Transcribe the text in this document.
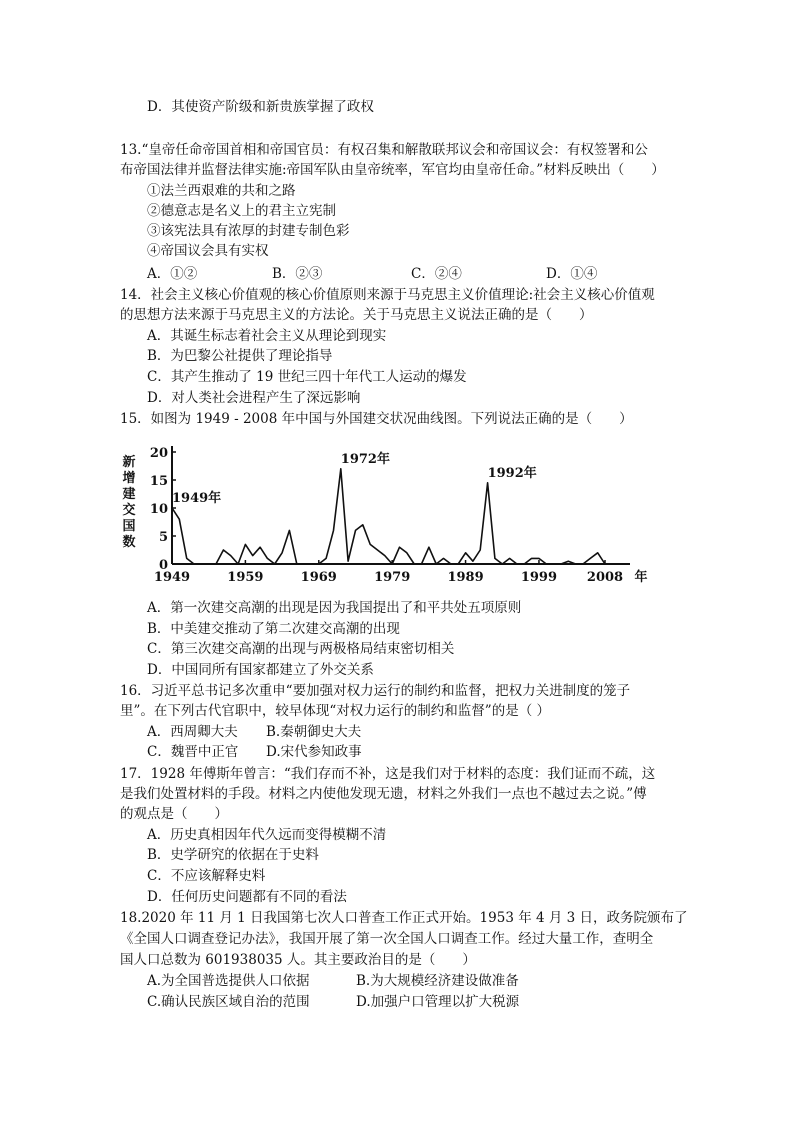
D．其使资产阶级和新贵族掌握了政权
13.“皇帝任命帝国首相和帝国官员：有权召集和解散联邦议会和帝国议会：有权签署和公
布帝国法律并监督法律实施:帝国军队由皇帝统率，军官均由皇帝任命。”材料反映出（　　）
①法兰西艰难的共和之路
②德意志是名义上的君主立宪制
③该宪法具有浓厚的封建专制色彩
④帝国议会具有实权
A．①②	B．②③	C．②④	D．①④
14．社会主义核心价值观的核心价值原则来源于马克思主义价值理论:社会主义核心价值观
的思想方法来源于马克思主义的方法论。关于马克思主义说法正确的是（　　）
A．其诞生标志着社会主义从理论到现实
B．为巴黎公社提供了理论指导
C．其产生推动了 19 世纪三四十年代工人运动的爆发
D．对人类社会进程产生了深远影响
15．如图为 1949 - 2008 年中国与外国建交状况曲线图。下列说法正确的是（　　）
新增建交国数
20
15
10
5
0
1949	1959	1969	1979	1989	1999 2008 年
1949年
1972年
1992年
A．第一次建交高潮的出现是因为我国提出了和平共处五项原则
B．中美建交推动了第二次建交高潮的出现
C．第三次建交高潮的出现与两极格局结束密切相关
D．中国同所有国家都建立了外交关系
16．习近平总书记多次重申“要加强对权力运行的制约和监督，把权力关进制度的笼子
里”。在下列古代官职中，较早体现“对权力运行的制约和监督”的是（ ）
A．西周卿大夫 B.秦朝御史大夫
C．魏晋中正官 D.宋代参知政事
17．1928 年傅斯年曾言：“我们存而不补，这是我们对于材料的态度：我们证而不疏，这
是我们处置材料的手段。材料之内使他发现无遗，材料之外我们一点也不越过去之说。”傅
的观点是（　　）
A．历史真相因年代久远而变得模糊不清
B．史学研究的依据在于史料
C．不应该解释史料
D．任何历史问题都有不同的看法
18.2020 年 11 月 1 日我国第七次人口普查工作正式开始。1953 年 4 月 3 日，政务院颁布了
《全国人口调查登记办法》，我国开展了第一次全国人口调查工作。经过大量工作，查明全
国人口总数为 601938035 人。其主要政治目的是（　　）
A.为全国普选提供人口依据	B.为大规模经济建设做准备
C.确认民族区域自治的范围	D.加强户口管理以扩大税源
